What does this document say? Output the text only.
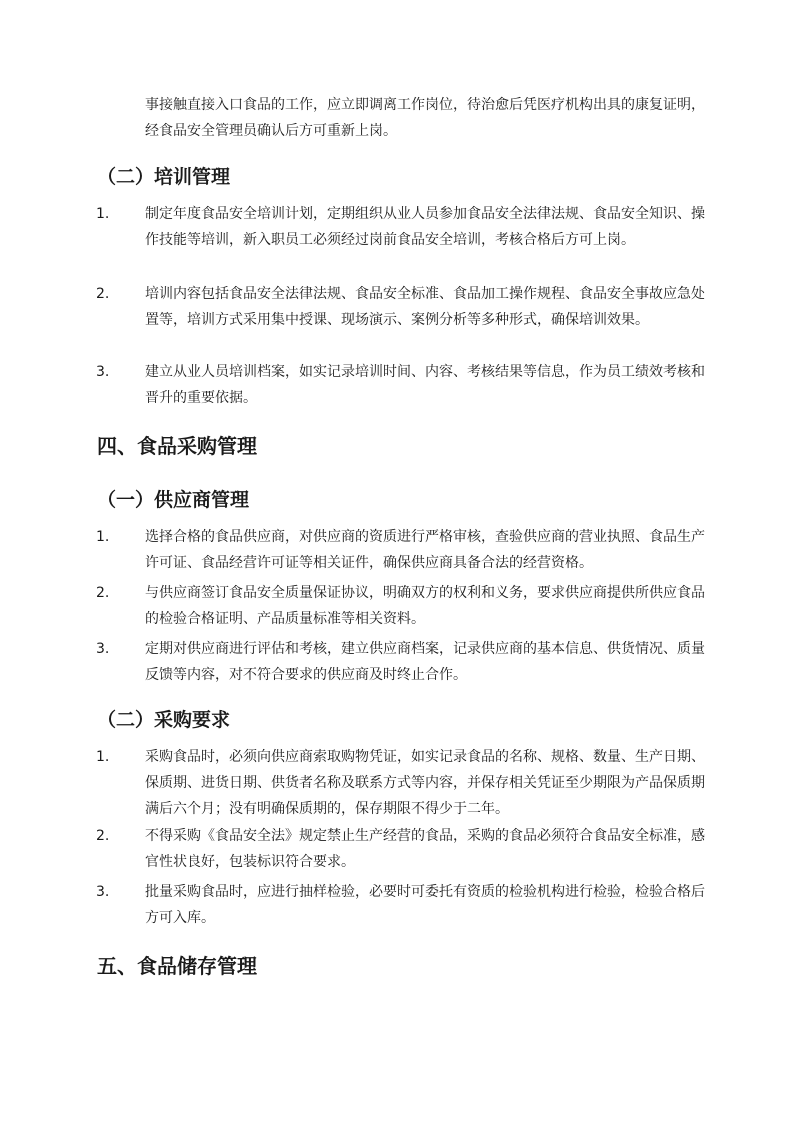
事接触直接入口食品的工作，应立即调离工作岗位，待治愈后凭医疗机构出具的康复证明，经食品安全管理员确认后方可重新上岗。

（二）培训管理
1.	制定年度食品安全培训计划，定期组织从业人员参加食品安全法律法规、食品安全知识、操作技能等培训，新入职员工必须经过岗前食品安全培训，考核合格后方可上岗。

2.	培训内容包括食品安全法律法规、食品安全标准、食品加工操作规程、食品安全事故应急处置等，培训方式采用集中授课、现场演示、案例分析等多种形式，确保培训效果。

3.	建立从业人员培训档案，如实记录培训时间、内容、考核结果等信息，作为员工绩效考核和晋升的重要依据。

四、食品采购管理
（一）供应商管理
1.	选择合格的食品供应商，对供应商的资质进行严格审核，查验供应商的营业执照、食品生产许可证、食品经营许可证等相关证件，确保供应商具备合法的经营资格。

2.	与供应商签订食品安全质量保证协议，明确双方的权利和义务，要求供应商提供所供应食品的检验合格证明、产品质量标准等相关资料。

3.	定期对供应商进行评估和考核，建立供应商档案，记录供应商的基本信息、供货情况、质量反馈等内容，对不符合要求的供应商及时终止合作。

（二）采购要求
1.	采购食品时，必须向供应商索取购物凭证，如实记录食品的名称、规格、数量、生产日期、保质期、进货日期、供货者名称及联系方式等内容，并保存相关凭证至少期限为产品保质期满后六个月；没有明确保质期的，保存期限不得少于二年。

2.	不得采购《食品安全法》规定禁止生产经营的食品，采购的食品必须符合食品安全标准，感官性状良好，包装标识符合要求。

3.	批量采购食品时，应进行抽样检验，必要时可委托有资质的检验机构进行检验，检验合格后方可入库。

五、食品储存管理
